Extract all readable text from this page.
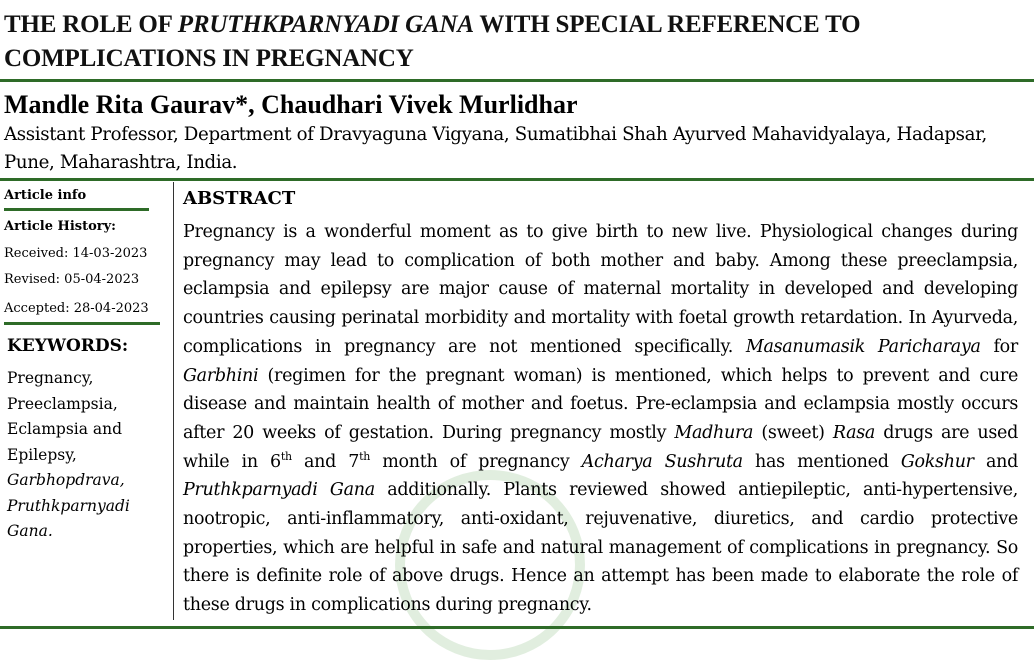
THE ROLE OF PRUTHKPARNYADI GANA WITH SPECIAL REFERENCE TO COMPLICATIONS IN PREGNANCY
Mandle Rita Gaurav*, Chaudhari Vivek Murlidhar
Assistant Professor, Department of Dravyaguna Vigyana, Sumatibhai Shah Ayurved Mahavidyalaya, Hadapsar, Pune, Maharashtra, India.
Article info
Article History:
Received: 14-03-2023
Revised: 05-04-2023
Accepted: 28-04-2023
KEYWORDS:
Pregnancy,
Preeclampsia,
Eclampsia and Epilepsy,
Garbhopdrava,
Pruthkparnyadi Gana.
ABSTRACT
Pregnancy is a wonderful moment as to give birth to new live. Physiological changes during pregnancy may lead to complication of both mother and baby. Among these preeclampsia, eclampsia and epilepsy are major cause of maternal mortality in developed and developing countries causing perinatal morbidity and mortality with foetal growth retardation. In Ayurveda, complications in pregnancy are not mentioned specifically. Masanumasik Paricharaya for Garbhini (regimen for the pregnant woman) is mentioned, which helps to prevent and cure disease and maintain health of mother and foetus. Pre-eclampsia and eclampsia mostly occurs after 20 weeks of gestation. During pregnancy mostly Madhura (sweet) Rasa drugs are used while in 6th and 7th month of pregnancy Acharya Sushruta has mentioned Gokshur and Pruthkparnyadi Gana additionally. Plants reviewed showed antiepileptic, anti-hypertensive, nootropic, anti-inflammatory, anti-oxidant, rejuvenative, diuretics, and cardio protective properties, which are helpful in safe and natural management of complications in pregnancy. So there is definite role of above drugs. Hence an attempt has been made to elaborate the role of these drugs in complications during pregnancy.
